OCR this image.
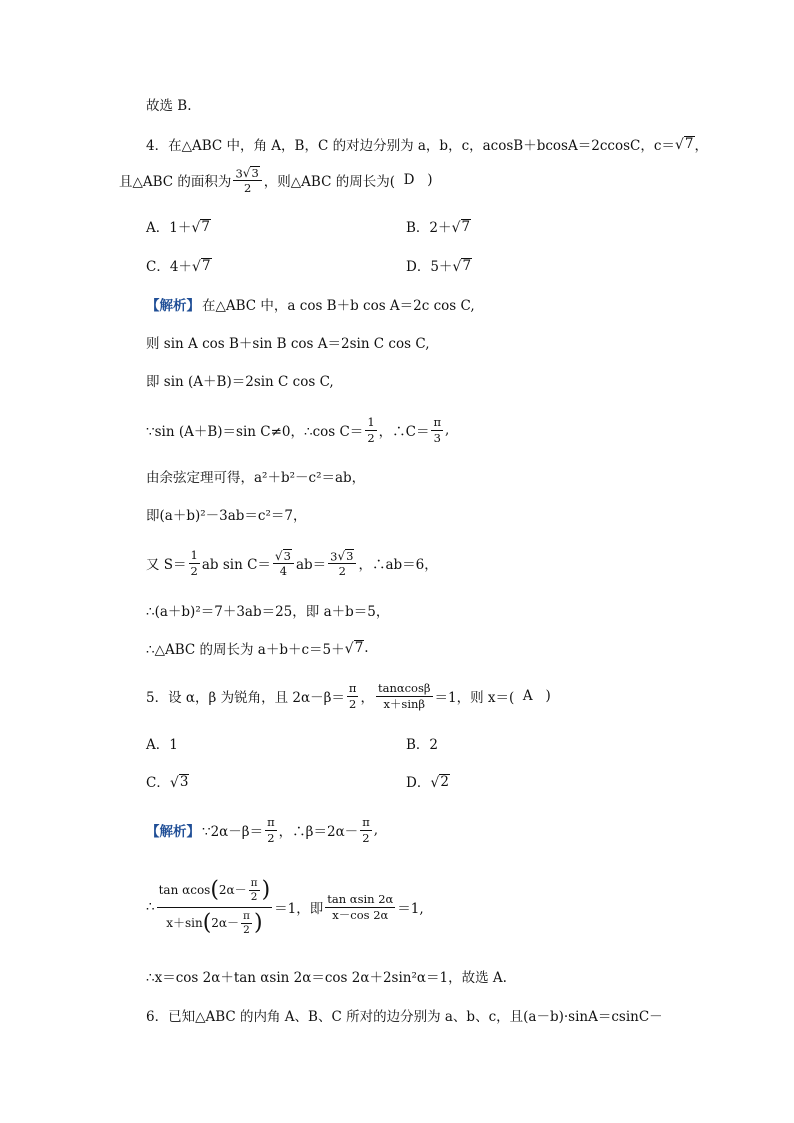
故选 B.
4．在△ABC 中，角 A，B，C 的对边分别为 a，b，c，acosB＋bcosA＝2ccosC，c＝ √ 7 ，
且△ABC 的面积为 $\frac{3 √ 3}{2}$ ，则△ABC 的周长为(
D
)
A．1＋ √ 7	B．2＋ √ 7
C．4＋ √ 7	D．5＋ √ 7
【解析】 在△ABC 中，a cos B＋b cos A＝2c cos C,
则 sin A cos B＋sin B cos A＝2sin C cos C,
即 sin (A＋B)＝2sin C cos C,
∵sin (A＋B)＝sin C≠0，∴cos $C= \frac{1}{2}$ ，∴C＝ $\frac{\pi}{3}$ ,
由余弦定理可得，a²＋b²－c²＝ab，
即(a＋b)²－3ab＝c²＝7，
又 $S= \frac{1}{2}$ ab $\sin C= \frac{√ 3}{4} ab= \frac{3 √ 3}{2}$ ，∴ab＝6，
∴(a＋b)²＝7＋3ab＝25，即 a＋b＝5，
∴△ABC 的周长为 a＋b＋c＝5＋ √ 7 .
5．设 α，β 为锐角，且 $2\alpha-\beta= \frac{\pi}{2}$ ， $\frac{\tan\alpha\cos\beta}{x+\sin\beta} =1$，则 x＝(
A
)
A．1	B．2
C． √ 3	D． √ 2
【解析】 ∵2α－β＝ $\frac{\pi}{2}$ ，∴β＝2α－ $\frac{\pi}{2}$ ,
∴ $\frac{\tan \alpha\cos(2\alpha- \frac{\pi}{2} )}{x+\sin(2\alpha- \frac{\pi}{2} )} =1$，即 $\frac{\text{tan αsin 2α}}{x-\cos 2\alpha} =1$,
∴x＝cos 2α＋tan αsin 2α＝cos 2α＋2sin²α＝1，故选 A.
6．已知△ABC 的内角 A、B、C 所对的边分别为 a、b、c，且(a－b)·sinA＝csinC－
